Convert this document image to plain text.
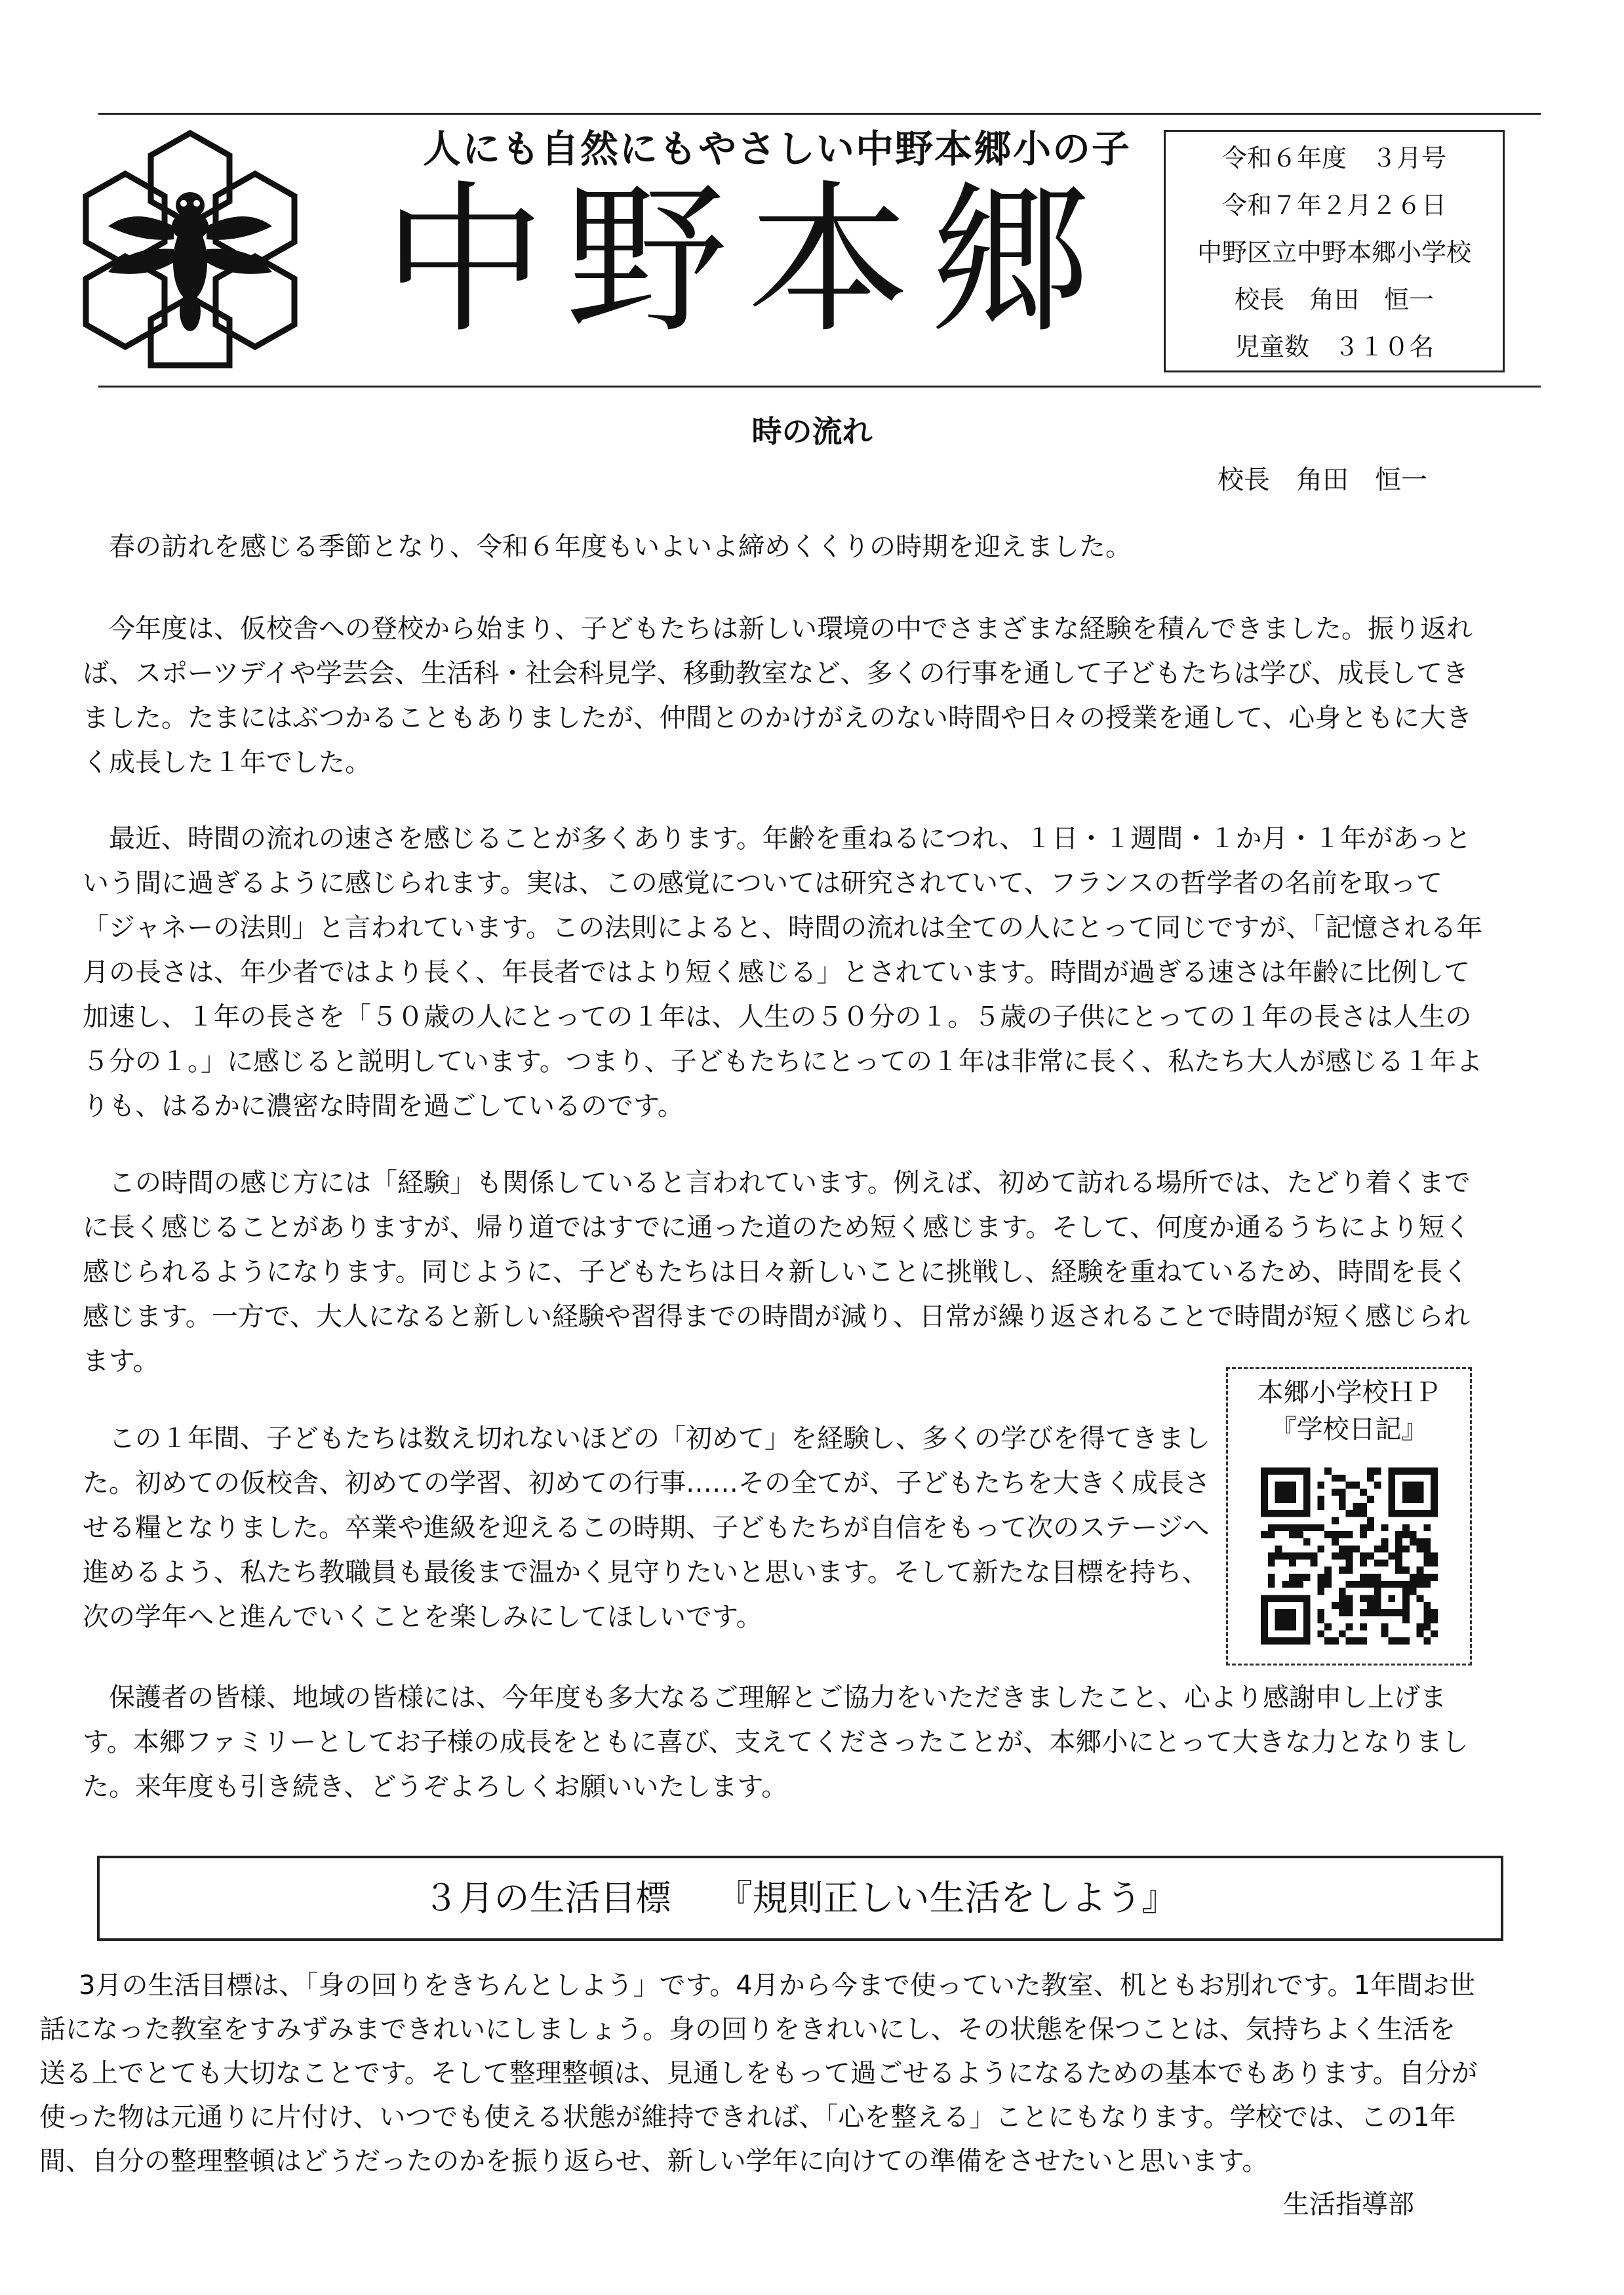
人にも自然にもやさしい中野本郷小の子
中野本郷
令和６年度　３月号
令和７年２月２６日
中野区立中野本郷小学校
校長　角田　恒一
児童数　３１０名
時の流れ
校長　角田　恒一

春の訪れを感じる季節となり、令和６年度もいよいよ締めくくりの時期を迎えました。

今年度は、仮校舎への登校から始まり、子どもたちは新しい環境の中でさまざまな経験を積んできました。振り返れば、スポーツデイや学芸会、生活科・社会科見学、移動教室など、多くの行事を通して子どもたちは学び、成長してきました。たまにはぶつかることもありましたが、仲間とのかけがえのない時間や日々の授業を通して、心身ともに大きく成長した１年でした。

最近、時間の流れの速さを感じることが多くあります。年齢を重ねるにつれ、１日・１週間・１か月・１年があっという間に過ぎるように感じられます。実は、この感覚については研究されていて、フランスの哲学者の名前を取って「ジャネーの法則」と言われています。この法則によると、時間の流れは全ての人にとって同じですが、「記憶される年月の長さは、年少者ではより長く、年長者ではより短く感じる」とされています。時間が過ぎる速さは年齢に比例して加速し、１年の長さを「５０歳の人にとっての１年は、人生の５０分の１。５歳の子供にとっての１年の長さは人生の５分の１。」に感じると説明しています。つまり、子どもたちにとっての１年は非常に長く、私たち大人が感じる１年よりも、はるかに濃密な時間を過ごしているのです。

この時間の感じ方には「経験」も関係していると言われています。例えば、初めて訪れる場所では、たどり着くまでに長く感じることがありますが、帰り道ではすでに通った道のため短く感じます。そして、何度か通るうちにより短く感じられるようになります。同じように、子どもたちは日々新しいことに挑戦し、経験を重ねているため、時間を長く感じます。一方で、大人になると新しい経験や習得までの時間が減り、日常が繰り返されることで時間が短く感じられます。

この１年間、子どもたちは数え切れないほどの「初めて」を経験し、多くの学びを得てきました。初めての仮校舎、初めての学習、初めての行事……その全てが、子どもたちを大きく成長させる糧となりました。卒業や進級を迎えるこの時期、子どもたちが自信をもって次のステージへ進めるよう、私たち教職員も最後まで温かく見守りたいと思います。そして新たな目標を持ち、次の学年へと進んでいくことを楽しみにしてほしいです。

保護者の皆様、地域の皆様には、今年度も多大なるご理解とご協力をいただきましたこと、心より感謝申し上げます。本郷ファミリーとしてお子様の成長をともに喜び、支えてくださったことが、本郷小にとって大きな力となりました。来年度も引き続き、どうぞよろしくお願いいたします。

本郷小学校ＨＰ
『学校日記』
３月の生活目標 『規則正しい生活をしよう』

3月の生活目標は、「身の回りをきちんとしよう」です。4月から今まで使っていた教室、机ともお別れです。1年間お世話になった教室をすみずみまできれいにしましょう。身の回りをきれいにし、その状態を保つことは、気持ちよく生活を送る上でとても大切なことです。そして整理整頓は、見通しをもって過ごせるようになるための基本でもあります。自分が使った物は元通りに片付け、いつでも使える状態が維持できれば、「心を整える」ことにもなります。学校では、この1年間、自分の整理整頓はどうだったのかを振り返らせ、新しい学年に向けての準備をさせたいと思います。

生活指導部
